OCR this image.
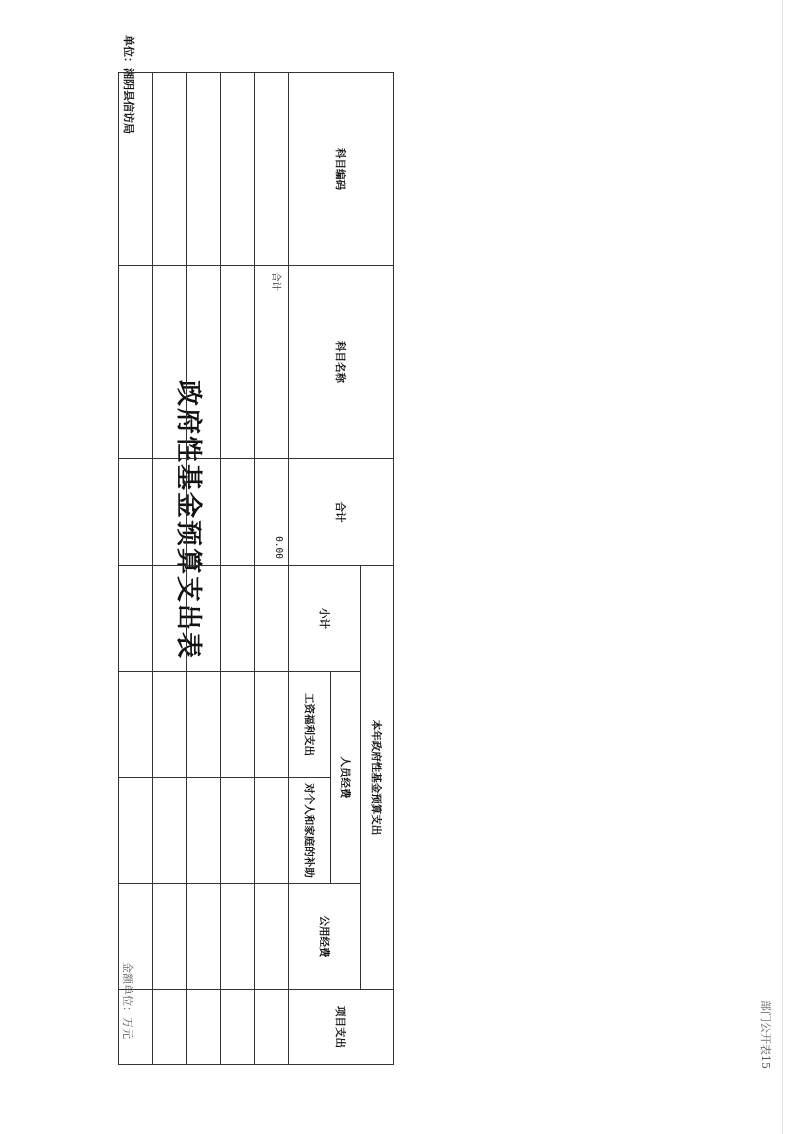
部门公开表15
金额单位：万元
政府性基金预算支出表
单位：湘阴县信访局
科目编码	科目名称	合计	本年政府性基金预算支出				项目支出
			小计	人员经费		公用经费	
				工资福利支出	对个人和家庭的补助		
	合计	0.00					
